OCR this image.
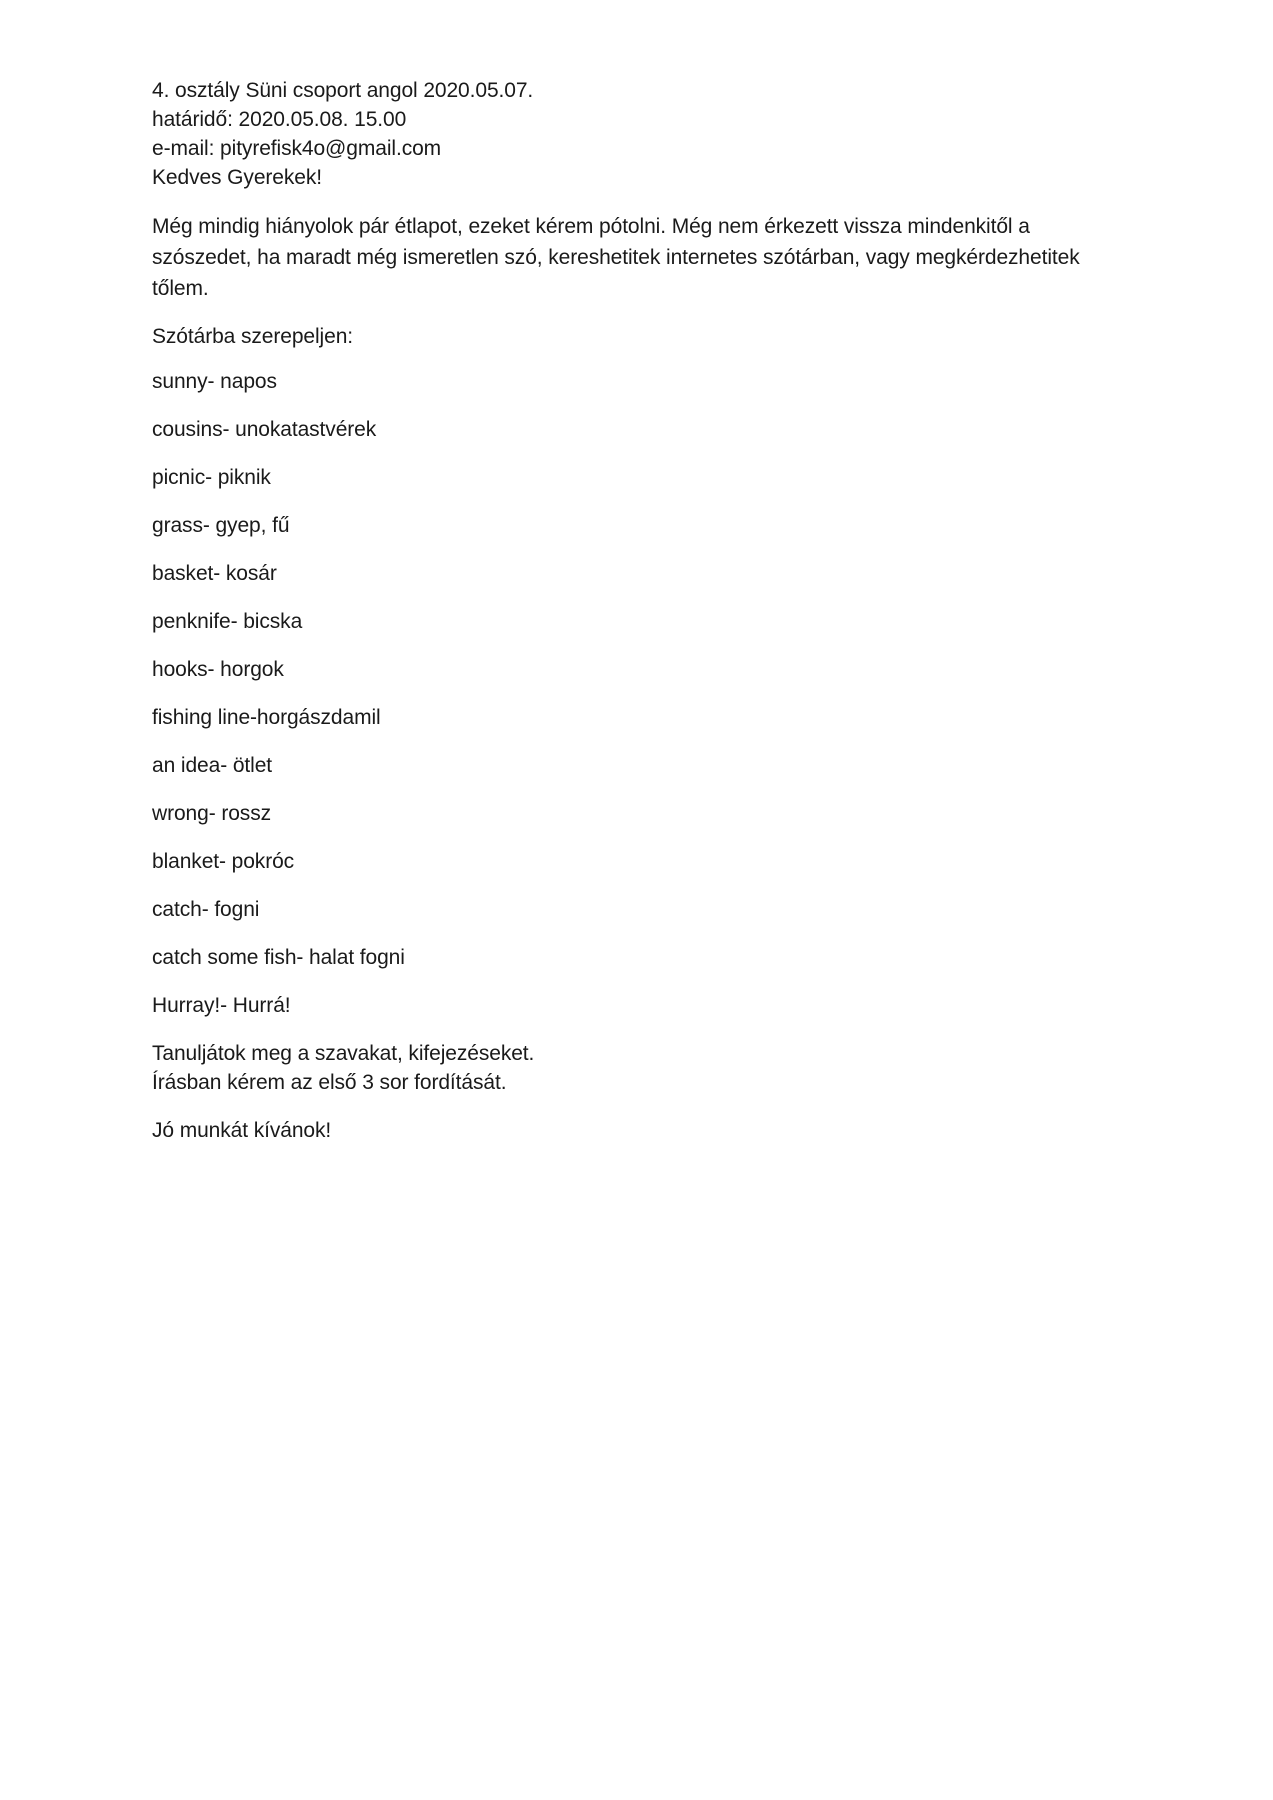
4. osztály Süni csoport angol 2020.05.07.
határidő: 2020.05.08. 15.00
e-mail: pityrefisk4o@gmail.com
Kedves Gyerekek!

Még mindig hiányolok pár étlapot, ezeket kérem pótolni. Még nem érkezett vissza mindenkitől a szószedet, ha maradt még ismeretlen szó, kereshetitek internetes szótárban, vagy megkérdezhetitek tőlem.

Szótárba szerepeljen:

sunny- napos
cousins- unokatastvérek
picnic- piknik
grass- gyep, fű
basket- kosár
penknife- bicska
hooks- horgok
fishing line-horgászdamil
an idea- ötlet
wrong- rossz
blanket- pokróc
catch- fogni
catch some fish- halat fogni
Hurray!- Hurrá!
Tanuljátok meg a szavakat, kifejezéseket.
Írásban kérem az első 3 sor fordítását.

Jó munkát kívánok!
